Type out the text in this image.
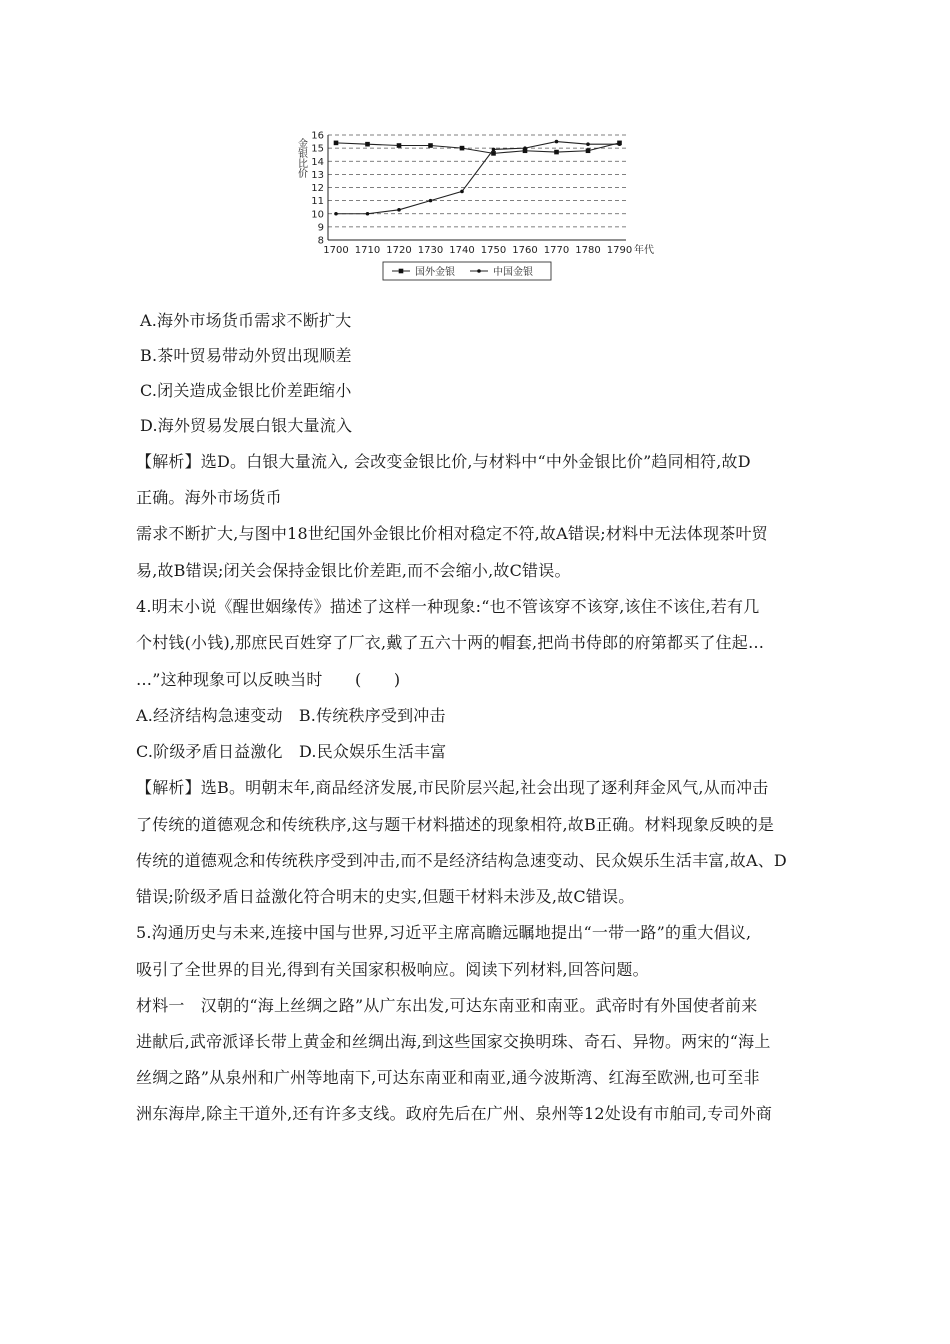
16
15
14
13
12
11
10
9
8
1700 1710 1720 1730 1740 1750 1760 1770 1780 1790
金银比价
年代
国外金银	中国金银
A.海外市场货币需求不断扩大
B.茶叶贸易带动外贸出现顺差
C.闭关造成金银比价差距缩小
D.海外贸易发展白银大量流入
【解析】选D。白银大量流入, 会改变金银比价,与材料中“中外金银比价”趋同相符,故D
正确。海外市场货币
需求不断扩大,与图中18世纪国外金银比价相对稳定不符,故A错误;材料中无法体现茶叶贸
易,故B错误;闭关会保持金银比价差距,而不会缩小,故C错误。
4.明末小说《醒世姻缘传》描述了这样一种现象:“也不管该穿不该穿,该住不该住,若有几
个村钱(小钱),那庶民百姓穿了厂衣,戴了五六十两的帽套,把尚书侍郎的府第都买了住起…
…”这种现象可以反映当时　　(　　)
A.经济结构急速变动　B.传统秩序受到冲击
C.阶级矛盾日益激化　D.民众娱乐生活丰富
【解析】选B。明朝末年,商品经济发展,市民阶层兴起,社会出现了逐利拜金风气,从而冲击
了传统的道德观念和传统秩序,这与题干材料描述的现象相符,故B正确。材料现象反映的是
传统的道德观念和传统秩序受到冲击,而不是经济结构急速变动、民众娱乐生活丰富,故A、D
错误;阶级矛盾日益激化符合明末的史实,但题干材料未涉及,故C错误。
5.沟通历史与未来,连接中国与世界,习近平主席高瞻远瞩地提出“一带一路”的重大倡议,
吸引了全世界的目光,得到有关国家积极响应。阅读下列材料,回答问题。
材料一　汉朝的“海上丝绸之路”从广东出发,可达东南亚和南亚。武帝时有外国使者前来
进献后,武帝派译长带上黄金和丝绸出海,到这些国家交换明珠、奇石、异物。两宋的“海上
丝绸之路”从泉州和广州等地南下,可达东南亚和南亚,通今波斯湾、红海至欧洲,也可至非
洲东海岸,除主干道外,还有许多支线。政府先后在广州、泉州等12处设有市舶司,专司外商
